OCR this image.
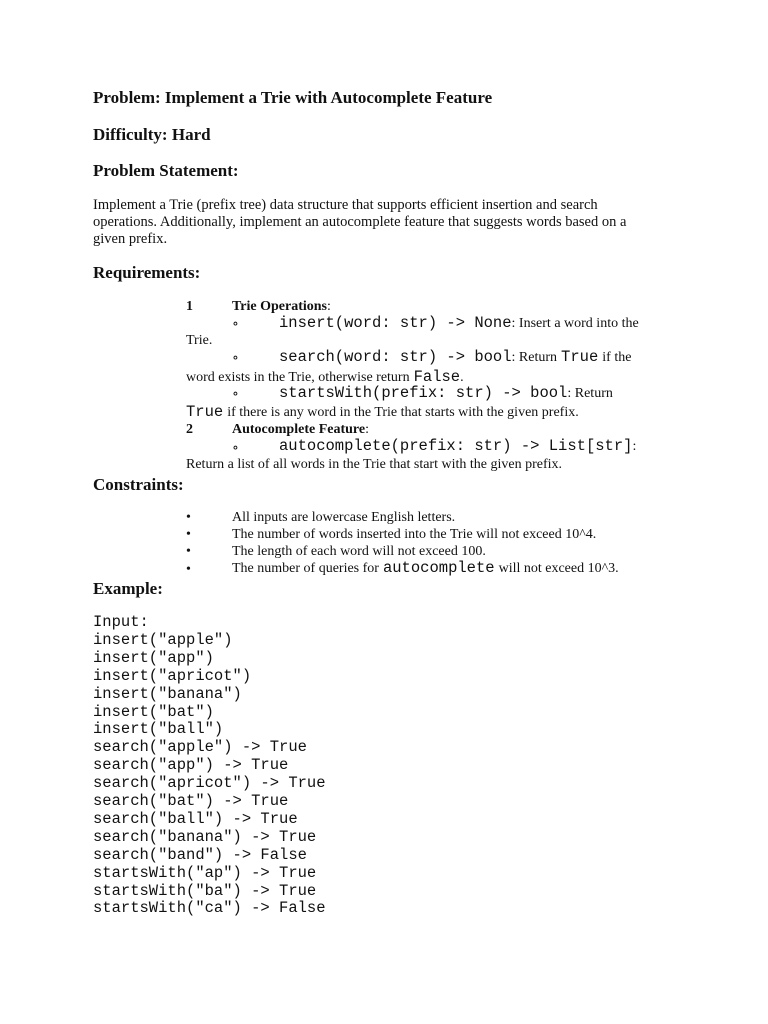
Problem: Implement a Trie with Autocomplete Feature
Difficulty: Hard
Problem Statement:
Implement a Trie (prefix tree) data structure that supports efficient insertion and search
operations. Additionally, implement an autocomplete feature that suggests words based on a
given prefix.
Requirements:
1	Trie Operations:
∘	insert(word: str) -> None: Insert a word into the
Trie.
∘	search(word: str) -> bool: Return True if the
word exists in the Trie, otherwise return False.
∘	startsWith(prefix: str) -> bool: Return
True if there is any word in the Trie that starts with the given prefix.
2	Autocomplete Feature:
∘	autocomplete(prefix: str) -> List[str]:
Return a list of all words in the Trie that start with the given prefix.
Constraints:
•	All inputs are lowercase English letters.
•	The number of words inserted into the Trie will not exceed 10^4.
•	The length of each word will not exceed 100.
•	The number of queries for autocomplete will not exceed 10^3.
Example:
Input:
insert("apple")
insert("app")
insert("apricot")
insert("banana")
insert("bat")
insert("ball")
search("apple") -> True
search("app") -> True
search("apricot") -> True
search("bat") -> True
search("ball") -> True
search("banana") -> True
search("band") -> False
startsWith("ap") -> True
startsWith("ba") -> True
startsWith("ca") -> False
